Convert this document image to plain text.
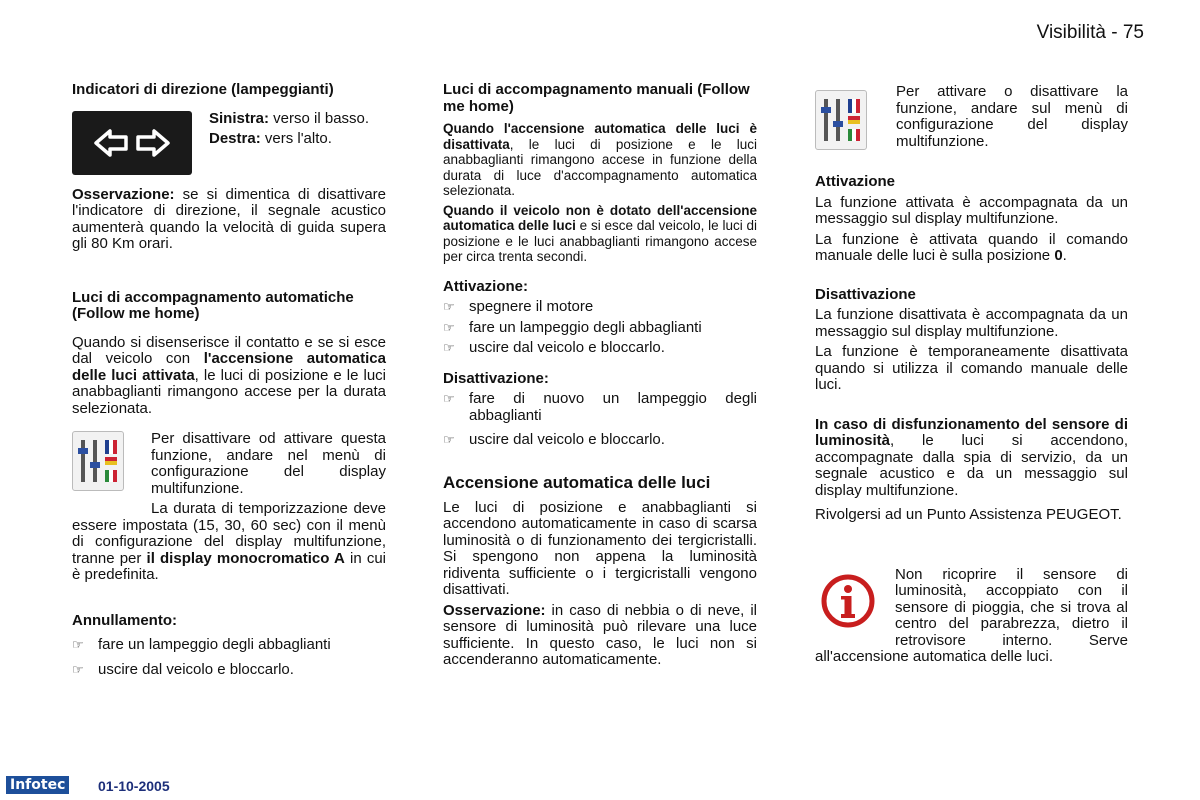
Visibilità - 75

Indicatori di direzione (lampeggianti)

Sinistra: verso il basso.

Destra: vers l'alto.

Osservazione: se si dimentica di disattivare l'indicatore di direzione, il segnale acustico aumenterà quando la velocità di guida supera gli 80 Km orari.

Luci di accompagnamento automatiche (Follow me home)

Quando si disenserisce il contatto e se si esce dal veicolo con l'accensione automatica delle luci attivata, le luci di posizione e le luci anabbaglianti rimangono accese per la durata selezionata.

Per disattivare od attivare questa funzione, andare nel menù di configurazione del display multifunzione.

La durata di temporizzazione deve essere impostata (15, 30, 60 sec) con il menù di configurazione del display multifunzione, tranne per il display monocromatico A in cui è predefinita.

Annullamento:

☞ fare un lampeggio degli abbaglianti
☞ uscire dal veicolo e bloccarlo.

Luci di accompagnamento manuali (Follow me home)

Quando l'accensione automatica delle luci è disattivata, le luci di posizione e le luci anabbaglianti rimangono accese in funzione della durata di luce d'accompagnamento automatica selezionata.

Quando il veicolo non è dotato dell'accensione automatica delle luci e si esce dal veicolo, le luci di posizione e le luci anabbaglianti rimangono accese per circa trenta secondi.

Attivazione:

☞ spegnere il motore
☞ fare un lampeggio degli abbaglianti
☞ uscire dal veicolo e bloccarlo.

Disattivazione:

☞ fare di nuovo un lampeggio degli abbaglianti
☞ uscire dal veicolo e bloccarlo.

Accensione automatica delle luci

Le luci di posizione e anabbaglianti si accendono automaticamente in caso di scarsa luminosità o di funzionamento dei tergicristalli. Si spengono non appena la luminosità ridiventa sufficiente o i tergicristalli vengono disattivati.

Osservazione: in caso di nebbia o di neve, il sensore di luminosità può rilevare una luce sufficiente. In questo caso, le luci non si accenderanno automaticamente.

Per attivare o disattivare la funzione, andare sul menù di configurazione del display multifunzione.

Attivazione

La funzione attivata è accompagnata da un messaggio sul display multifunzione.

La funzione è attivata quando il comando manuale delle luci è sulla posizione 0.

Disattivazione

La funzione disattivata è accompagnata da un messaggio sul display multifunzione.

La funzione è temporaneamente disattivata quando si utilizza il comando manuale delle luci.

In caso di disfunzionamento del sensore di luminosità, le luci si accendono, accompagnate dalla spia di servizio, da un segnale acustico e da un messaggio sul display multifunzione.

Rivolgersi ad un Punto Assistenza PEUGEOT.

Non ricoprire il sensore di luminosità, accoppiato con il sensore di pioggia, che si trova al centro del parabrezza, dietro il retrovisore interno. Serve all'accensione automatica delle luci.

Infotec 01-10-2005
